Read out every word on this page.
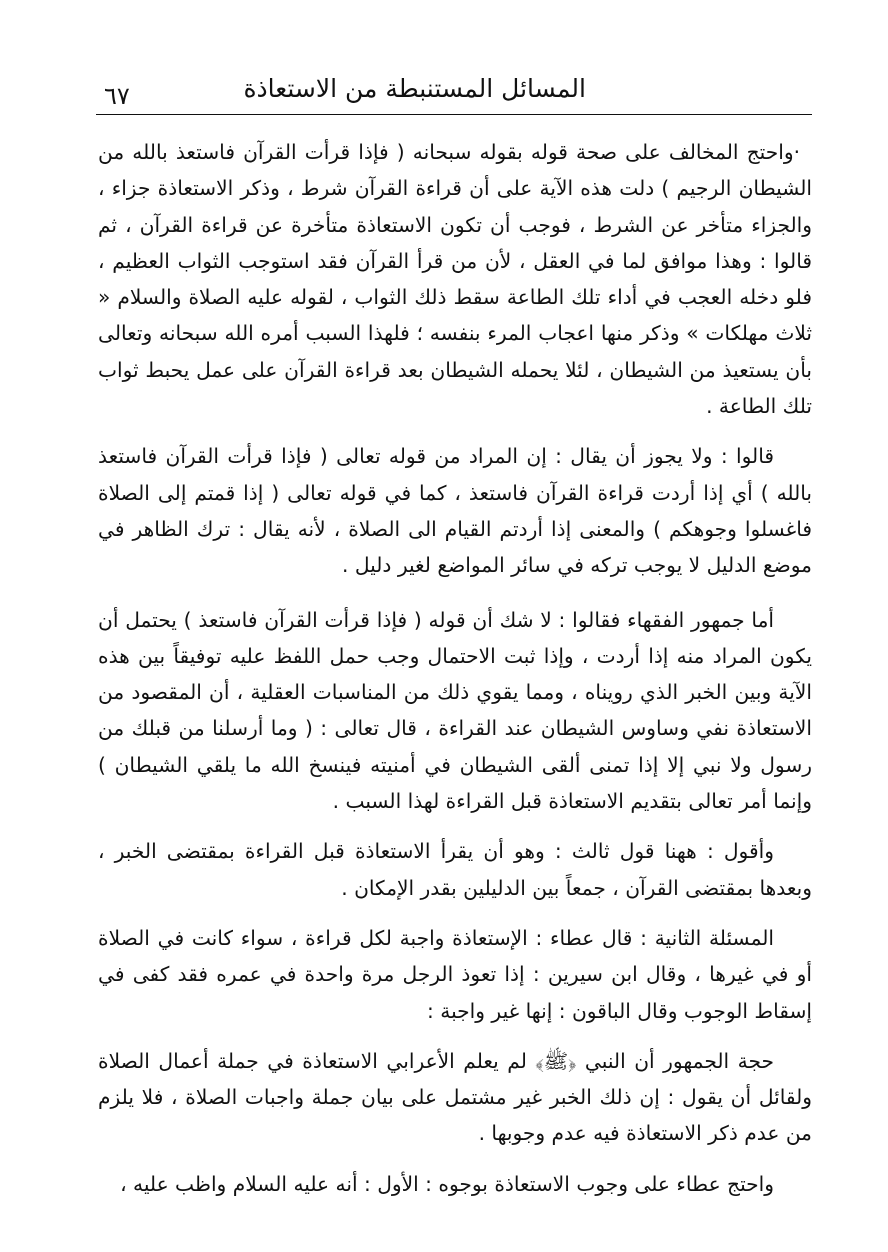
المسائل المستنبطة من الاستعاذة
٦٧

·واحتج المخالف على صحة قوله بقوله سبحانه ( فإذا قرأت القرآن فاستعذ بالله من الشيطان الرجيم ) دلت هذه الآية على أن قراءة القرآن شرط ، وذكر الاستعاذة جزاء ، والجزاء متأخر عن الشرط ، فوجب أن تكون الاستعاذة متأخرة عن قراءة القرآن ، ثم قالوا : وهذا موافق لما في العقل ، لأن من قرأ القرآن فقد استوجب الثواب العظيم ، فلو دخله العجب في أداء تلك الطاعة سقط ذلك الثواب ، لقوله عليه الصلاة والسلام « ثلاث مهلكات » وذكر منها اعجاب المرء بنفسه ؛ فلهذا السبب أمره الله سبحانه وتعالى بأن يستعيذ من الشيطان ، لئلا يحمله الشيطان بعد قراءة القرآن على عمل يحبط ثواب تلك الطاعة .

قالوا : ولا يجوز أن يقال : إن المراد من قوله تعالى ( فإذا قرأت القرآن فاستعذ بالله ) أي إذا أردت قراءة القرآن فاستعذ ، كما في قوله تعالى ( إذا قمتم إلى الصلاة فاغسلوا وجوهكم ) والمعنى إذا أردتم القيام الى الصلاة ، لأنه يقال : ترك الظاهر في موضع الدليل لا يوجب تركه في سائر المواضع لغير دليل .

أما جمهور الفقهاء فقالوا : لا شك أن قوله ( فإذا قرأت القرآن فاستعذ ) يحتمل أن يكون المراد منه إذا أردت ، وإذا ثبت الاحتمال وجب حمل اللفظ عليه توفيقاً بين هذه الآية وبين الخبر الذي رويناه ، ومما يقوي ذلك من المناسبات العقلية ، أن المقصود من الاستعاذة نفي وساوس الشيطان عند القراءة ، قال تعالى : ( وما أرسلنا من قبلك من رسول ولا نبي إلا إذا تمنى ألقى الشيطان في أمنيته فينسخ الله ما يلقي الشيطان ) وإنما أمر تعالى بتقديم الاستعاذة قبل القراءة لهذا السبب .

وأقول : ههنا قول ثالث : وهو أن يقرأ الاستعاذة قبل القراءة بمقتضى الخبر ، وبعدها بمقتضى القرآن ، جمعاً بين الدليلين بقدر الإمكان .

المسئلة الثانية : قال عطاء : الإستعاذة واجبة لكل قراءة ، سواء كانت في الصلاة أو في غيرها ، وقال ابن سيرين : إذا تعوذ الرجل مرة واحدة في عمره فقد كفى في إسقاط الوجوب وقال الباقون : إنها غير واجبة :

حجة الجمهور أن النبي ﴿ﷺ﴾ لم يعلم الأعرابي الاستعاذة في جملة أعمال الصلاة ولقائل أن يقول : إن ذلك الخبر غير مشتمل على بيان جملة واجبات الصلاة ، فلا يلزم من عدم ذكر الاستعاذة فيه عدم وجوبها .

واحتج عطاء على وجوب الاستعاذة بوجوه : الأول : أنه عليه السلام واظب عليه ،
